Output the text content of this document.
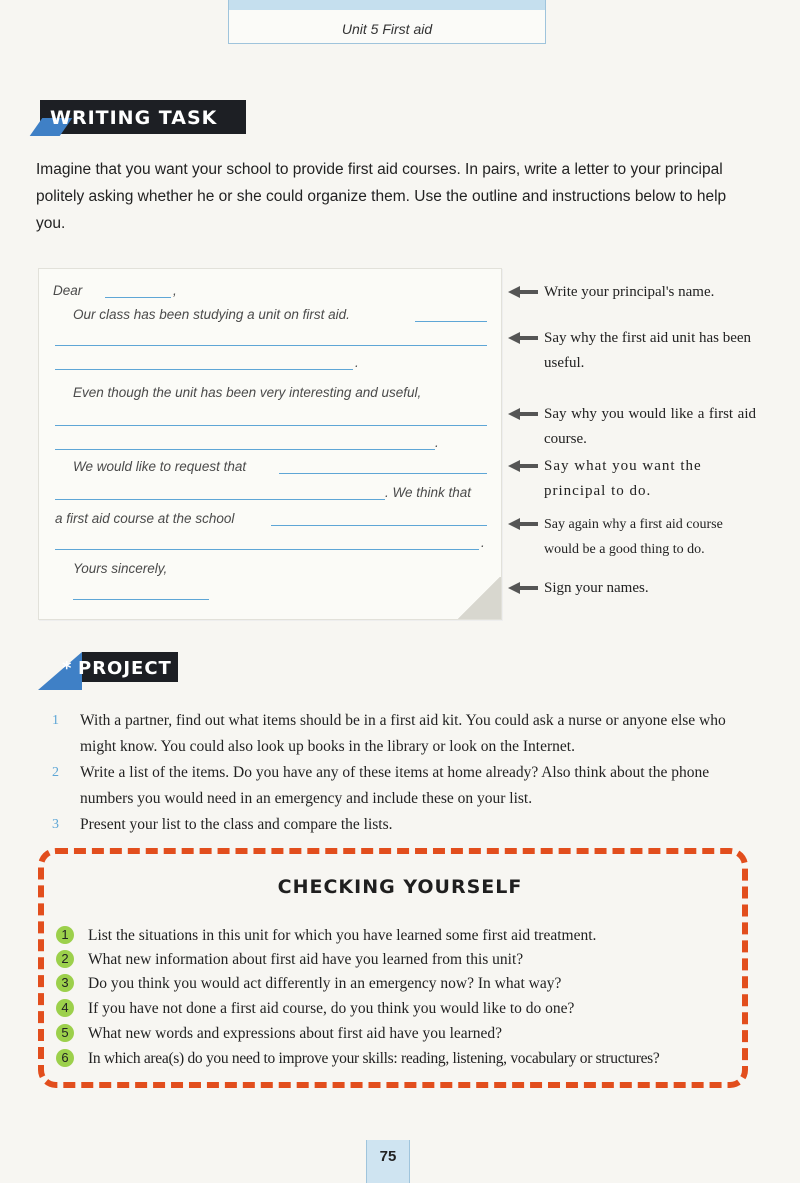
Unit 5 First aid
WRITING TASK
Imagine that you want your school to provide first aid courses. In pairs, write a letter to your principal politely asking whether he or she could organize them. Use the outline and instructions below to help you.
Dear	,
Our class has been studying a unit on first aid.
.
Even though the unit has been very interesting and useful,
.
We would like to request that
. We think that
a first aid course at the school
.
Yours sincerely,
Write your principal's name.
Say why the first aid unit has been useful.
Say why you would like a first aid course.
Say what you want the principal to do.
Say again why a first aid course would be a good thing to do.
Sign your names.
* PROJECT
1 With a partner, find out what items should be in a first aid kit. You could ask a nurse or anyone else who might know. You could also look up books in the library or look on the Internet.
2 Write a list of the items. Do you have any of these items at home already? Also think about the phone numbers you would need in an emergency and include these on your list.
3 Present your list to the class and compare the lists.
CHECKING YOURSELF
1	List the situations in this unit for which you have learned some first aid treatment.
2	What new information about first aid have you learned from this unit?
3	Do you think you would act differently in an emergency now? In what way?
4	If you have not done a first aid course, do you think you would like to do one?
5	What new words and expressions about first aid have you learned?
6	In which area(s) do you need to improve your skills: reading, listening, vocabulary or structures?
75
